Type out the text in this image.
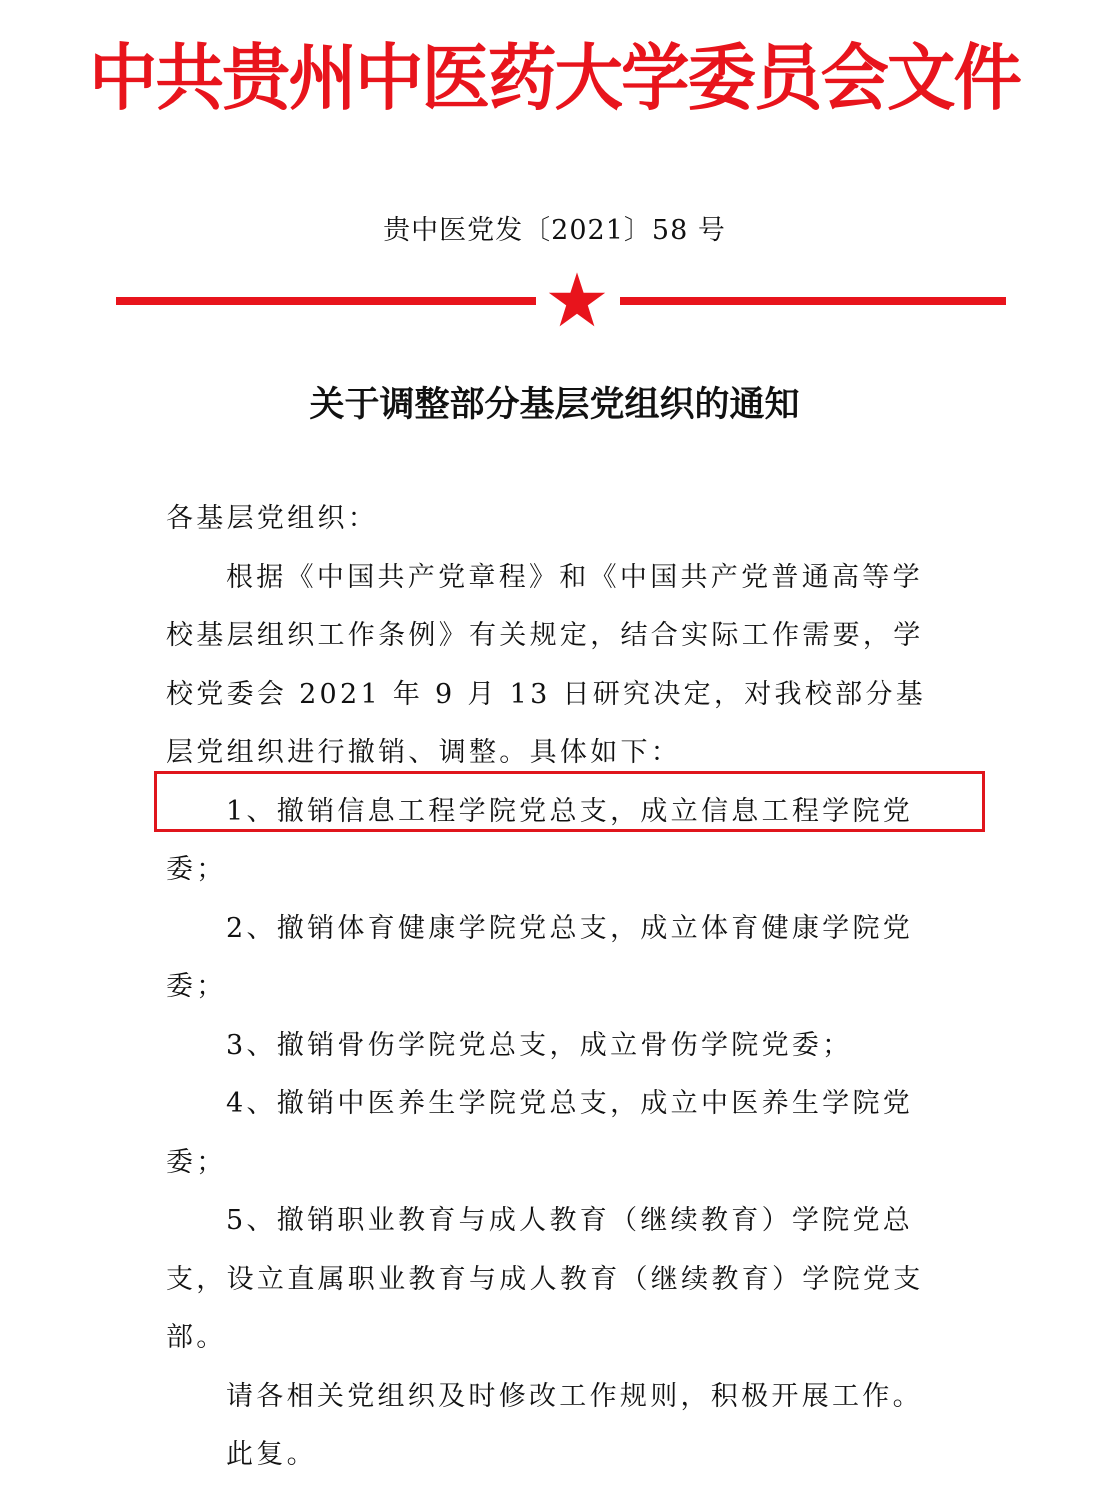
中共贵州中医药大学委员会文件
贵中医党发〔2021〕58 号
关于调整部分基层党组织的通知

各基层党组织：

根据《中国共产党章程》和《中国共产党普通高等学校基层组织工作条例》有关规定，结合实际工作需要，学校党委会 2021 年 9 月 13 日研究决定，对我校部分基层党组织进行撤销、调整。具体如下：

1、撤销信息工程学院党总支，成立信息工程学院党委；

2、撤销体育健康学院党总支，成立体育健康学院党委；

3、撤销骨伤学院党总支，成立骨伤学院党委；

4、撤销中医养生学院党总支，成立中医养生学院党委；

5、撤销职业教育与成人教育（继续教育）学院党总支，设立直属职业教育与成人教育（继续教育）学院党支部。

请各相关党组织及时修改工作规则，积极开展工作。

此复。
